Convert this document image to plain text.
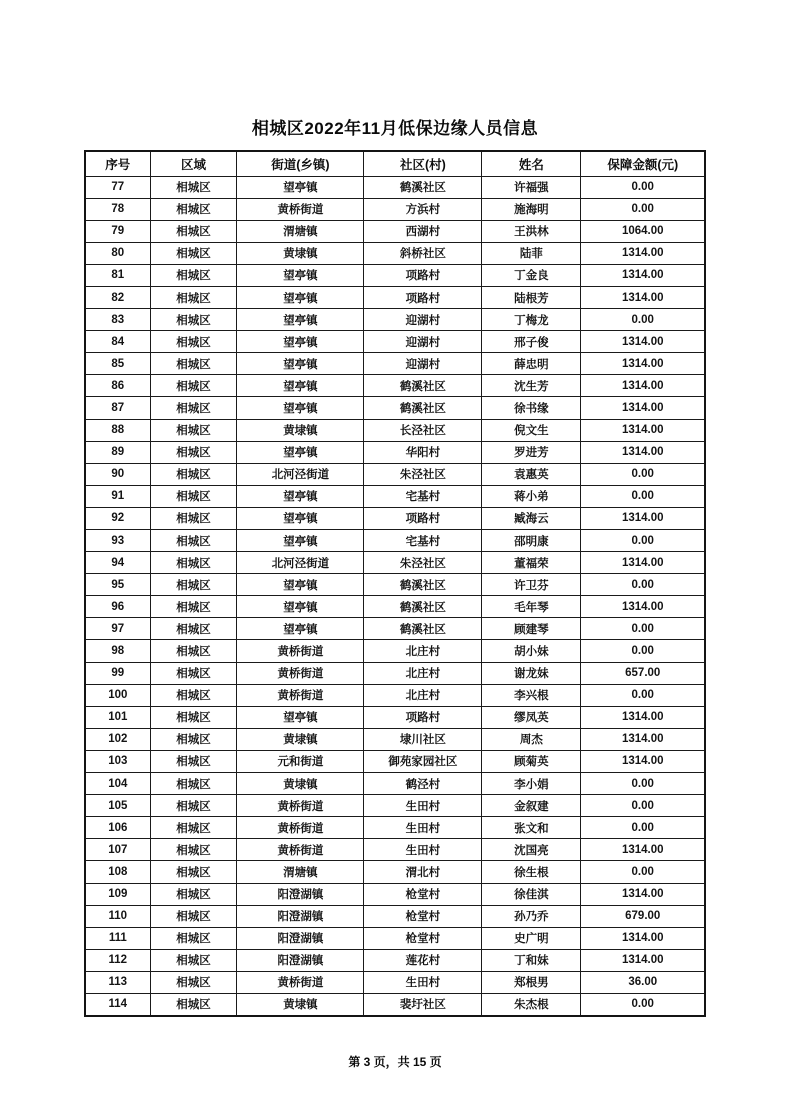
相城区2022年11月低保边缘人员信息
序号	区域	街道(乡镇)	社区(村)	姓名	保障金额(元)
77	相城区	望亭镇	鹤溪社区	许福强	0.00
78	相城区	黄桥街道	方浜村	施海明	0.00
79	相城区	渭塘镇	西湖村	王洪林	1064.00
80	相城区	黄埭镇	斜桥社区	陆菲	1314.00
81	相城区	望亭镇	项路村	丁金良	1314.00
82	相城区	望亭镇	项路村	陆根芳	1314.00
83	相城区	望亭镇	迎湖村	丁梅龙	0.00
84	相城区	望亭镇	迎湖村	邢子俊	1314.00
85	相城区	望亭镇	迎湖村	薛忠明	1314.00
86	相城区	望亭镇	鹤溪社区	沈生芳	1314.00
87	相城区	望亭镇	鹤溪社区	徐书缘	1314.00
88	相城区	黄埭镇	长泾社区	倪文生	1314.00
89	相城区	望亭镇	华阳村	罗进芳	1314.00
90	相城区	北河泾街道	朱泾社区	袁惠英	0.00
91	相城区	望亭镇	宅基村	蒋小弟	0.00
92	相城区	望亭镇	项路村	臧海云	1314.00
93	相城区	望亭镇	宅基村	邵明康	0.00
94	相城区	北河泾街道	朱泾社区	董福荣	1314.00
95	相城区	望亭镇	鹤溪社区	许卫芬	0.00
96	相城区	望亭镇	鹤溪社区	毛年琴	1314.00
97	相城区	望亭镇	鹤溪社区	顾建琴	0.00
98	相城区	黄桥街道	北庄村	胡小妹	0.00
99	相城区	黄桥街道	北庄村	谢龙妹	657.00
100	相城区	黄桥街道	北庄村	李兴根	0.00
101	相城区	望亭镇	项路村	缪凤英	1314.00
102	相城区	黄埭镇	埭川社区	周杰	1314.00
103	相城区	元和街道	御苑家园社区	顾菊英	1314.00
104	相城区	黄埭镇	鹤泾村	李小娟	0.00
105	相城区	黄桥街道	生田村	金叙建	0.00
106	相城区	黄桥街道	生田村	张文和	0.00
107	相城区	黄桥街道	生田村	沈国亮	1314.00
108	相城区	渭塘镇	渭北村	徐生根	0.00
109	相城区	阳澄湖镇	枪堂村	徐佳淇	1314.00
110	相城区	阳澄湖镇	枪堂村	孙乃乔	679.00
111	相城区	阳澄湖镇	枪堂村	史广明	1314.00
112	相城区	阳澄湖镇	莲花村	丁和妹	1314.00
113	相城区	黄桥街道	生田村	郑根男	36.00
114	相城区	黄埭镇	裴圩社区	朱杰根	0.00
第 3 页，共 15 页
